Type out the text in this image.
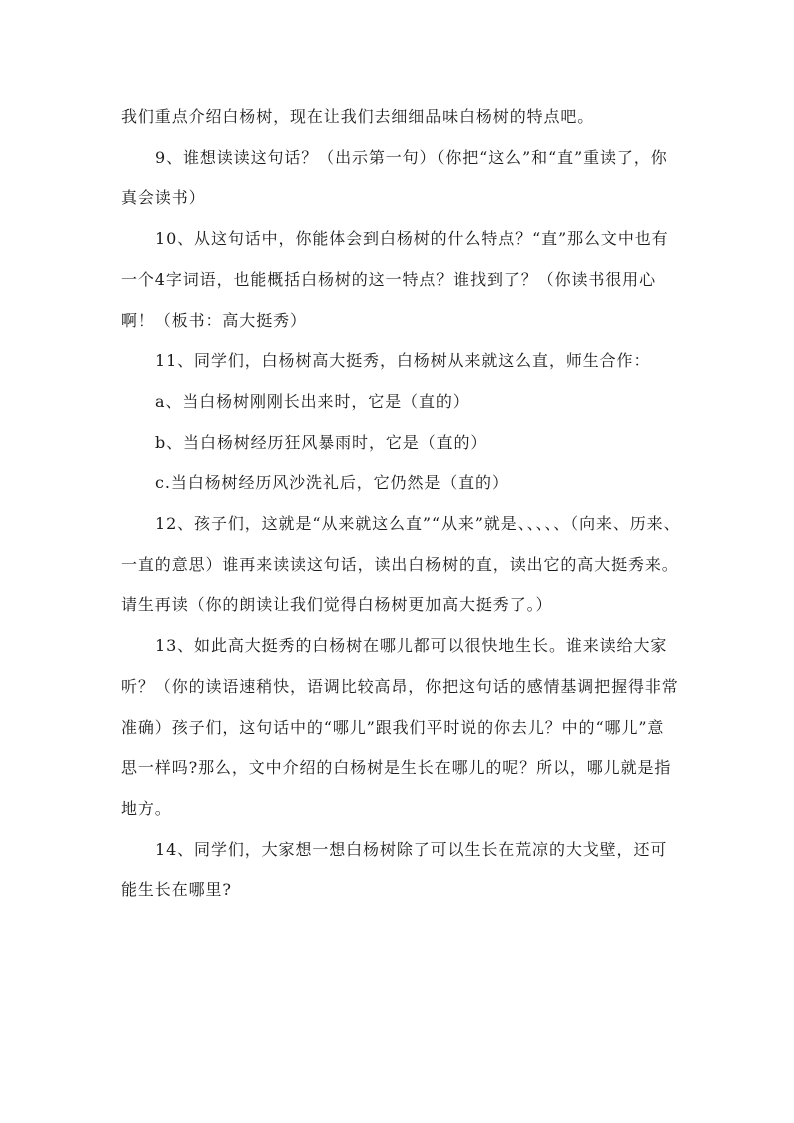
我们重点介绍白杨树，现在让我们去细细品味白杨树的特点吧。

9、谁想读读这句话？（出示第一句）（你把“这么”和“直”重读了，你真会读书）

10、从这句话中，你能体会到白杨树的什么特点？“直”那么文中也有一个4字词语，也能概括白杨树的这一特点？谁找到了？（你读书很用心啊！（板书：高大挺秀）

11、同学们，白杨树高大挺秀，白杨树从来就这么直，师生合作：

a、当白杨树刚刚长出来时，它是（直的）

b、当白杨树经历狂风暴雨时，它是（直的）

c.当白杨树经历风沙洗礼后，它仍然是（直的）

12、孩子们，这就是“从来就这么直”“从来”就是、、、、、（向来、历来、一直的意思）谁再来读读这句话，读出白杨树的直，读出它的高大挺秀来。请生再读（你的朗读让我们觉得白杨树更加高大挺秀了。）

13、如此高大挺秀的白杨树在哪儿都可以很快地生长。谁来读给大家听？（你的读语速稍快，语调比较高昂，你把这句话的感情基调把握得非常准确）孩子们，这句话中的“哪儿”跟我们平时说的你去儿？中的“哪儿”意思一样吗?那么，文中介绍的白杨树是生长在哪儿的呢？所以，哪儿就是指地方。

14、同学们，大家想一想白杨树除了可以生长在荒凉的大戈壁，还可能生长在哪里?
